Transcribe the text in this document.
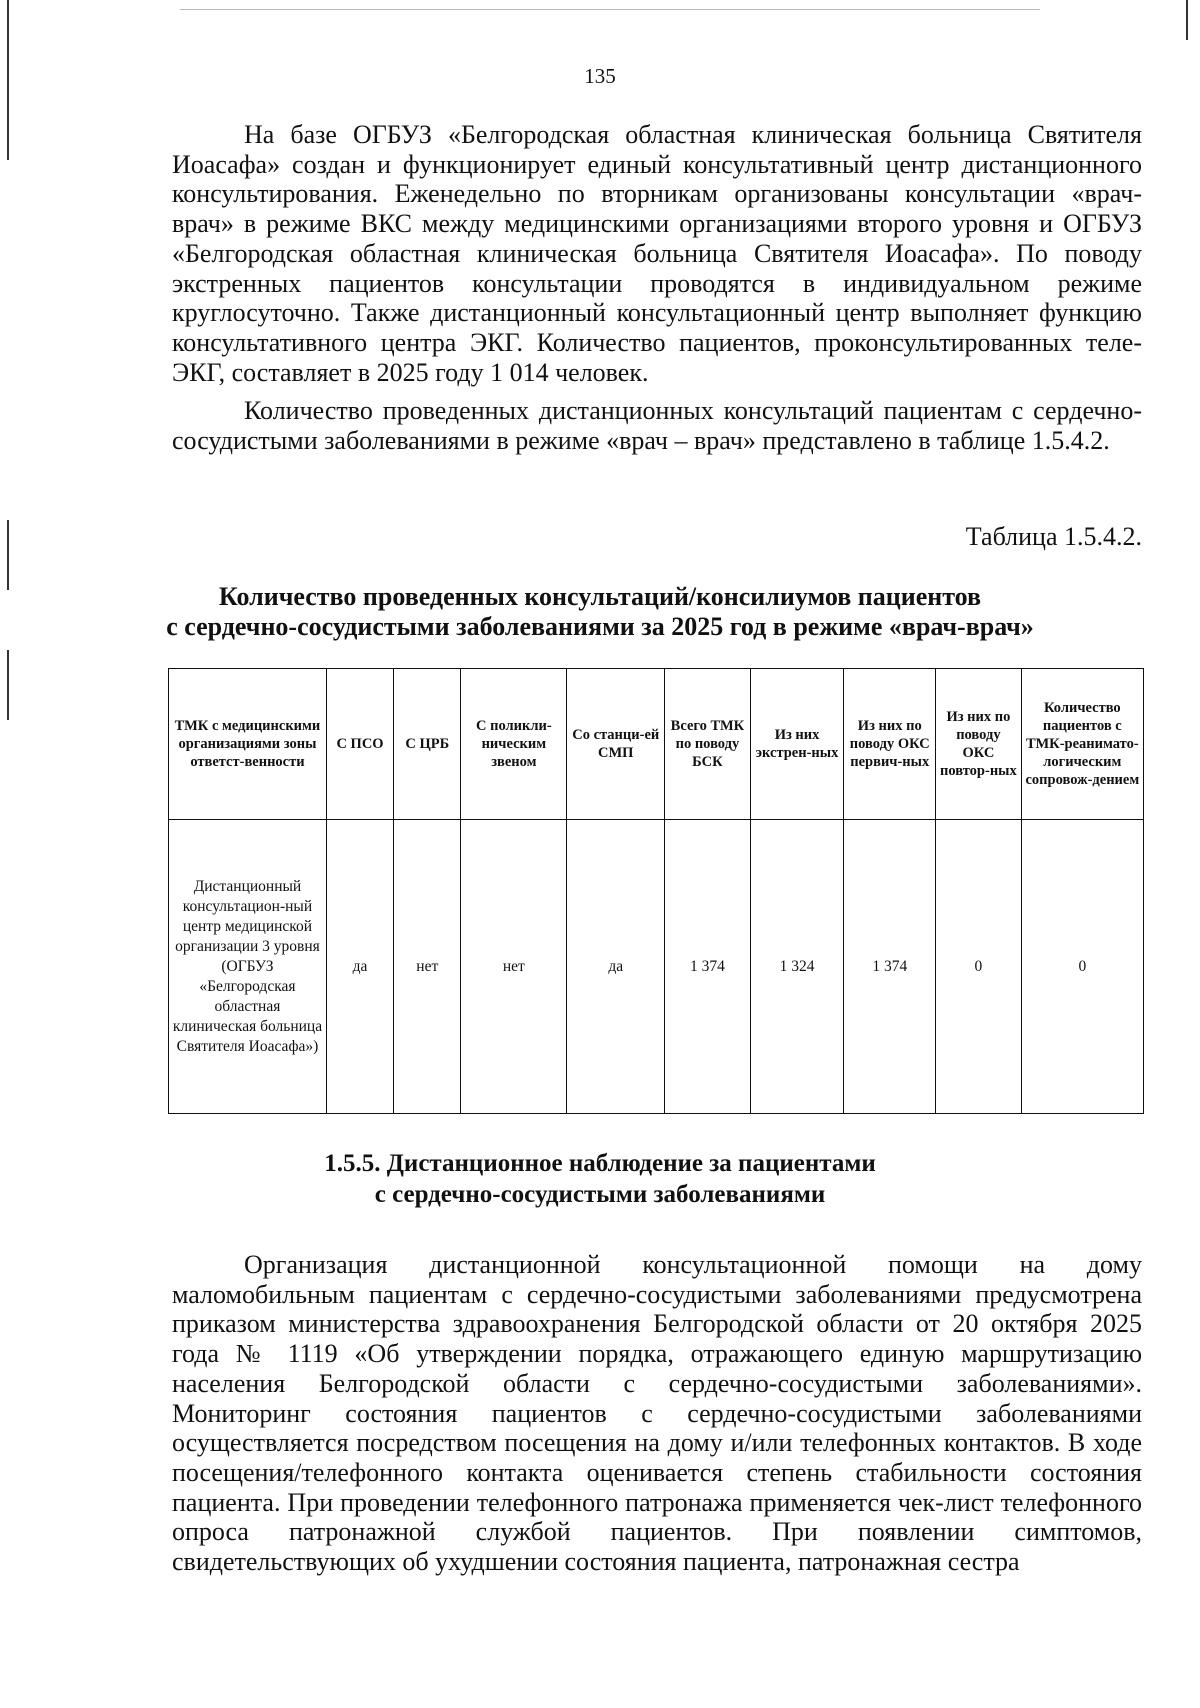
135

На базе ОГБУЗ «Белгородская областная клиническая больница Святителя Иоасафа» создан и функционирует единый консультативный центр дистанционного консультирования. Еженедельно по вторникам организованы консультации «врач-врач» в режиме ВКС между медицинскими организациями второго уровня и ОГБУЗ «Белгородская областная клиническая больница Святителя Иоасафа». По поводу экстренных пациентов консультации проводятся в индивидуальном режиме круглосуточно. Также дистанционный консультационный центр выполняет функцию консультативного центра ЭКГ. Количество пациентов, проконсультированных теле-ЭКГ, составляет в 2025 году 1 014 человек.

Количество проведенных дистанционных консультаций пациентам с сердечно-сосудистыми заболеваниями в режиме «врач – врач» представлено в таблице 1.5.4.2.

Таблица 1.5.4.2.
Количество проведенных консультаций/консилиумов пациентов
с сердечно-сосудистыми заболеваниями за 2025 год в режиме «врач-врач»
ТМК с медицинскими организациями зоны ответст-венности	С ПСО	С ЦРБ	С поликли-ническим звеном	Со станци-ей СМП	Всего ТМК по поводу БСК	Из них экстрен-ных	Из них по поводу ОКС первич-ных	Из них по поводу ОКС повтор-ных	Количество пациентов с ТМК-реанимато-логическим сопровож-дением
Дистанционный консультацион-ный центр медицинской организации 3 уровня (ОГБУЗ «Белгородская областная клиническая больница Святителя Иоасафа»)	да	нет	нет	да	1 374	1 324	1 374	0	0
1.5.5. Дистанционное наблюдение за пациентами
с сердечно-сосудистыми заболеваниями

Организация дистанционной консультационной помощи на дому маломобильным пациентам с сердечно-сосудистыми заболеваниями предусмотрена приказом министерства здравоохранения Белгородской области от 20 октября 2025 года № 1119 «Об утверждении порядка, отражающего единую маршрутизацию населения Белгородской области с сердечно-сосудистыми заболеваниями». Мониторинг состояния пациентов с сердечно-сосудистыми заболеваниями осуществляется посредством посещения на дому и/или телефонных контактов. В ходе посещения/телефонного контакта оценивается степень стабильности состояния пациента. При проведении телефонного патронажа применяется чек-лист телефонного опроса патронажной службой пациентов. При появлении симптомов, свидетельствующих об ухудшении состояния пациента, патронажная сестра
